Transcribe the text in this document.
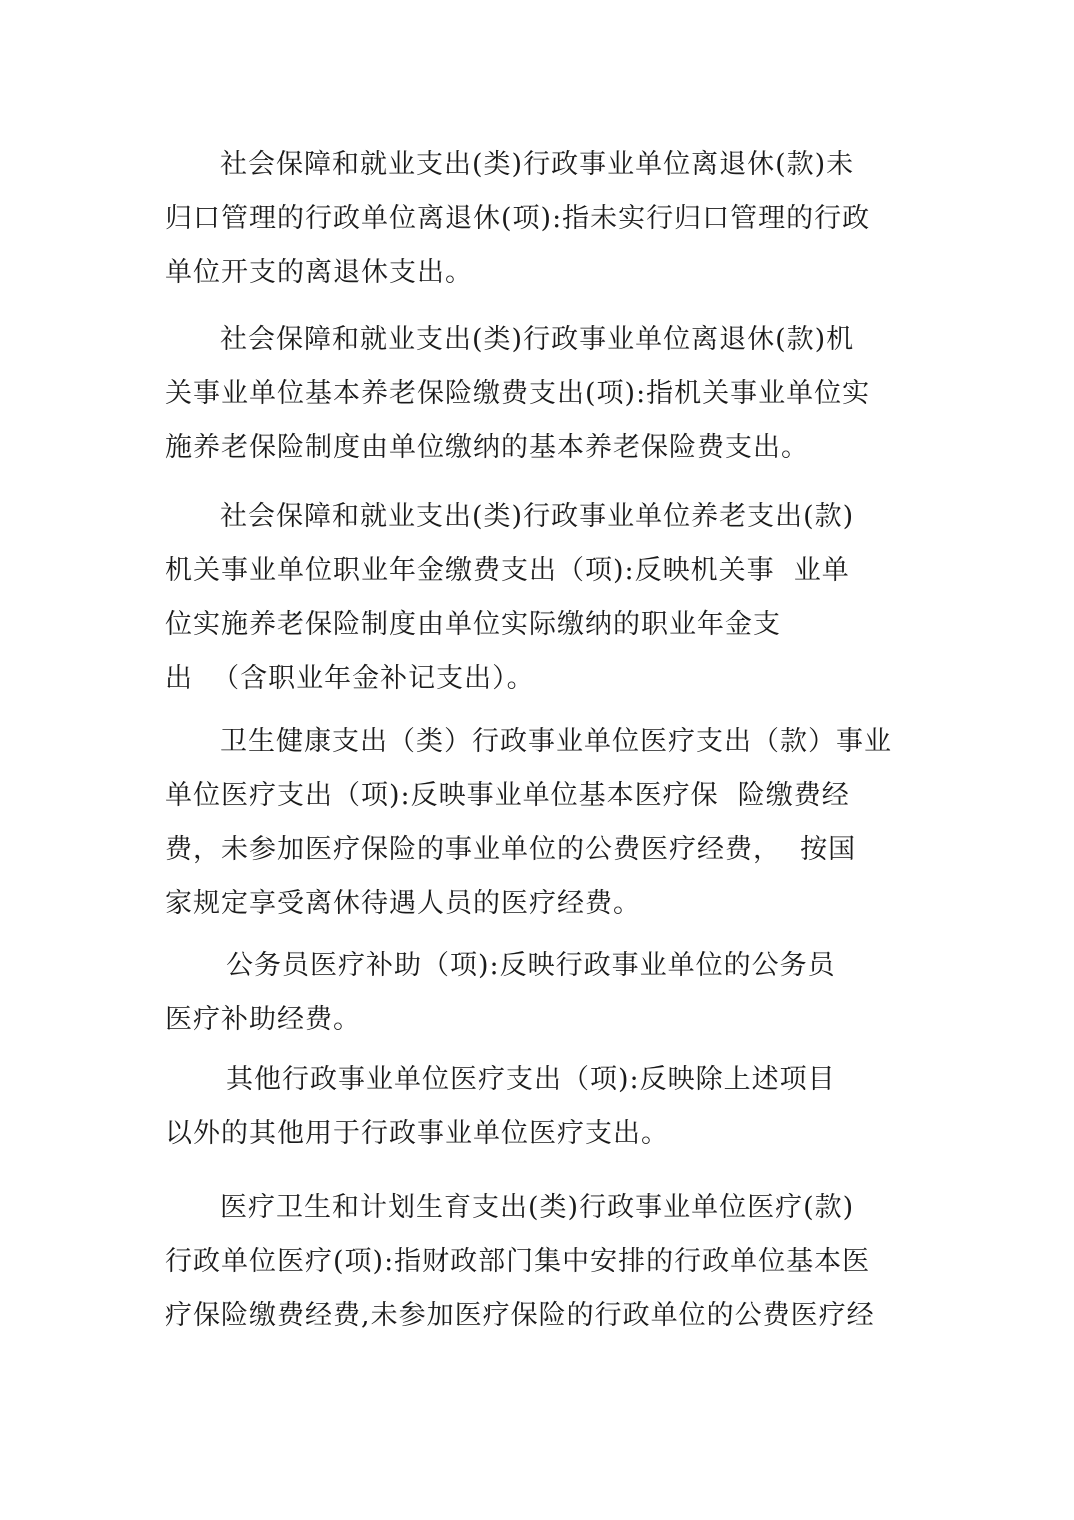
社会保障和就业支出(类)行政事业单位离退休(款)未
归口管理的行政单位离退休(项):指未实行归口管理的行政
单位开支的离退休支出。
社会保障和就业支出(类)行政事业单位离退休(款)机
关事业单位基本养老保险缴费支出(项):指机关事业单位实
施养老保险制度由单位缴纳的基本养老保险费支出。
社会保障和就业支出(类)行政事业单位养老支出(款)
机关事业单位职业年金缴费支出（项):反映机关事  业单
位实施养老保险制度由单位实际缴纳的职业年金支
出  （含职业年金补记支出）。
卫生健康支出（类）行政事业单位医疗支出（款）事业
单位医疗支出（项):反映事业单位基本医疗保  险缴费经
费，未参加医疗保险的事业单位的公费医疗经费，  按国
家规定享受离休待遇人员的医疗经费。
公务员医疗补助（项):反映行政事业单位的公务员
医疗补助经费。
其他行政事业单位医疗支出（项):反映除上述项目
以外的其他用于行政事业单位医疗支出。
医疗卫生和计划生育支出(类)行政事业单位医疗(款)
行政单位医疗(项):指财政部门集中安排的行政单位基本医
疗保险缴费经费,未参加医疗保险的行政单位的公费医疗经
